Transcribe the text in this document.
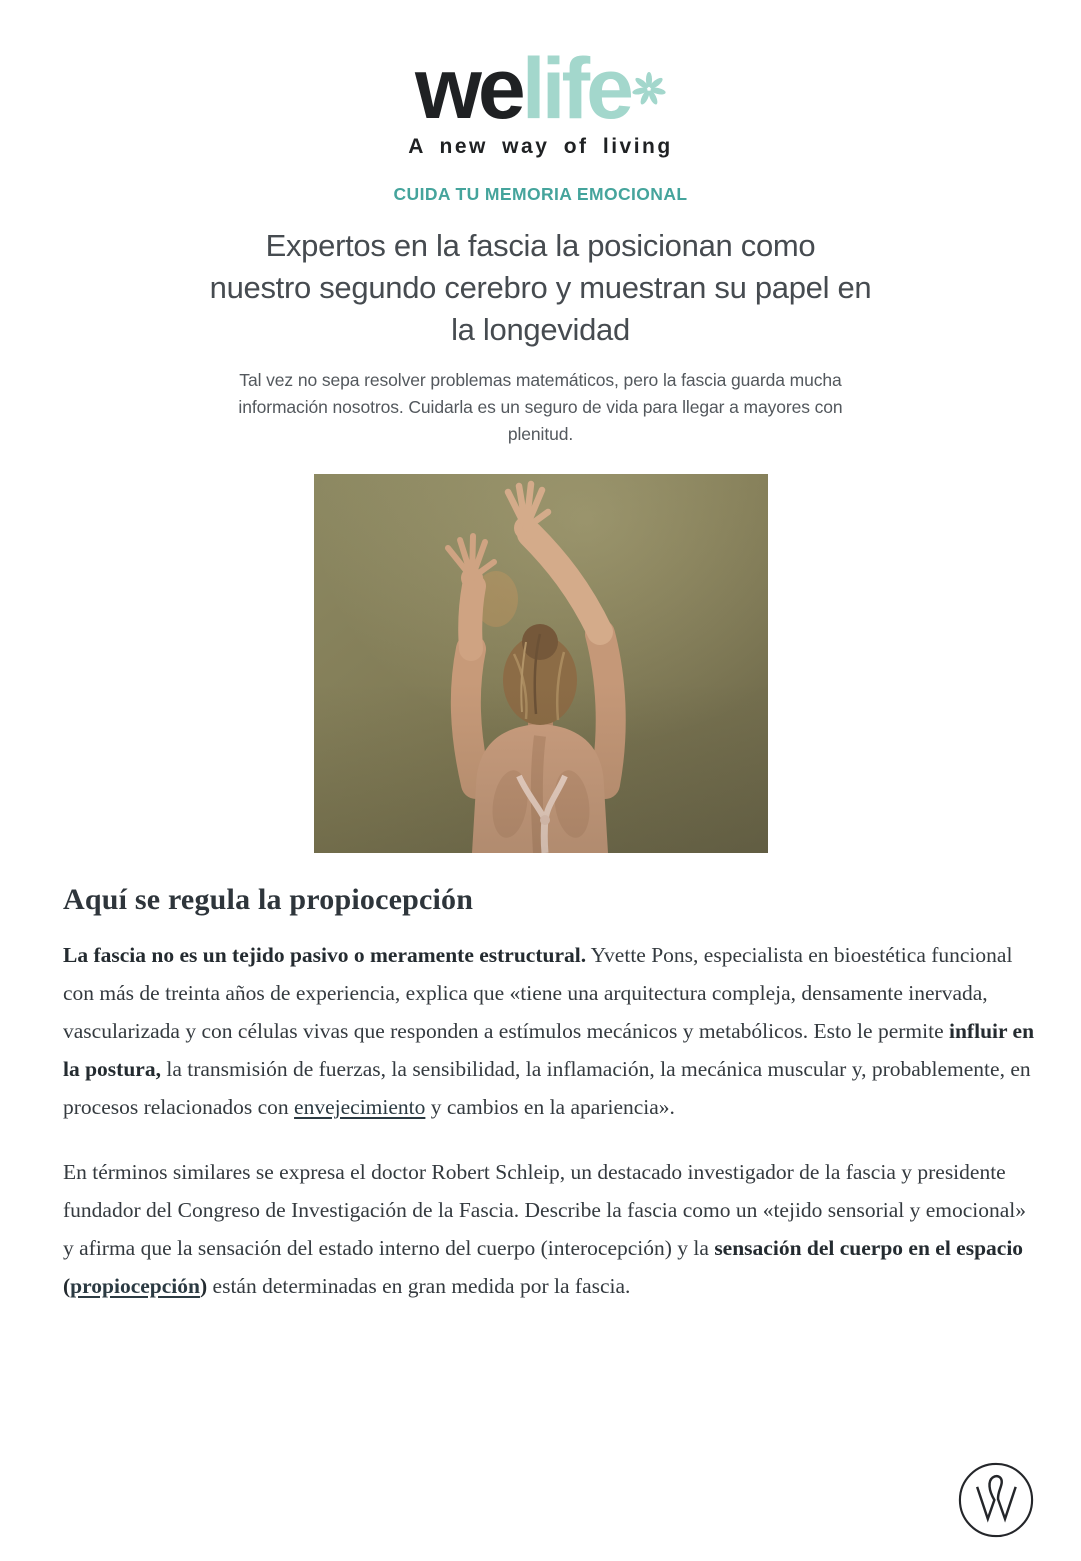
welife
A new way of living
CUIDA TU MEMORIA EMOCIONAL
Expertos en la fascia la posicionan como
nuestro segundo cerebro y muestran su papel en
la longevidad

Tal vez no sepa resolver problemas matemáticos, pero la fascia guarda mucha
información nosotros. Cuidarla es un seguro de vida para llegar a mayores con
plenitud.

Aquí se regula la propiocepción

La fascia no es un tejido pasivo o meramente estructural. Yvette Pons, especialista en bioestética funcional con más de treinta años de experiencia, explica que «tiene una arquitectura compleja, densamente inervada, vascularizada y con células vivas que responden a estímulos mecánicos y metabólicos. Esto le permite influir en la postura, la transmisión de fuerzas, la sensibilidad, la inflamación, la mecánica muscular y, probablemente, en procesos relacionados con envejecimiento y cambios en la apariencia».

En términos similares se expresa el doctor Robert Schleip, un destacado investigador de la fascia y presidente fundador del Congreso de Investigación de la Fascia. Describe la fascia como un «tejido sensorial y emocional» y afirma que la sensación del estado interno del cuerpo (interocepción) y la sensación del cuerpo en el espacio (propiocepción) están determinadas en gran medida por la fascia.
